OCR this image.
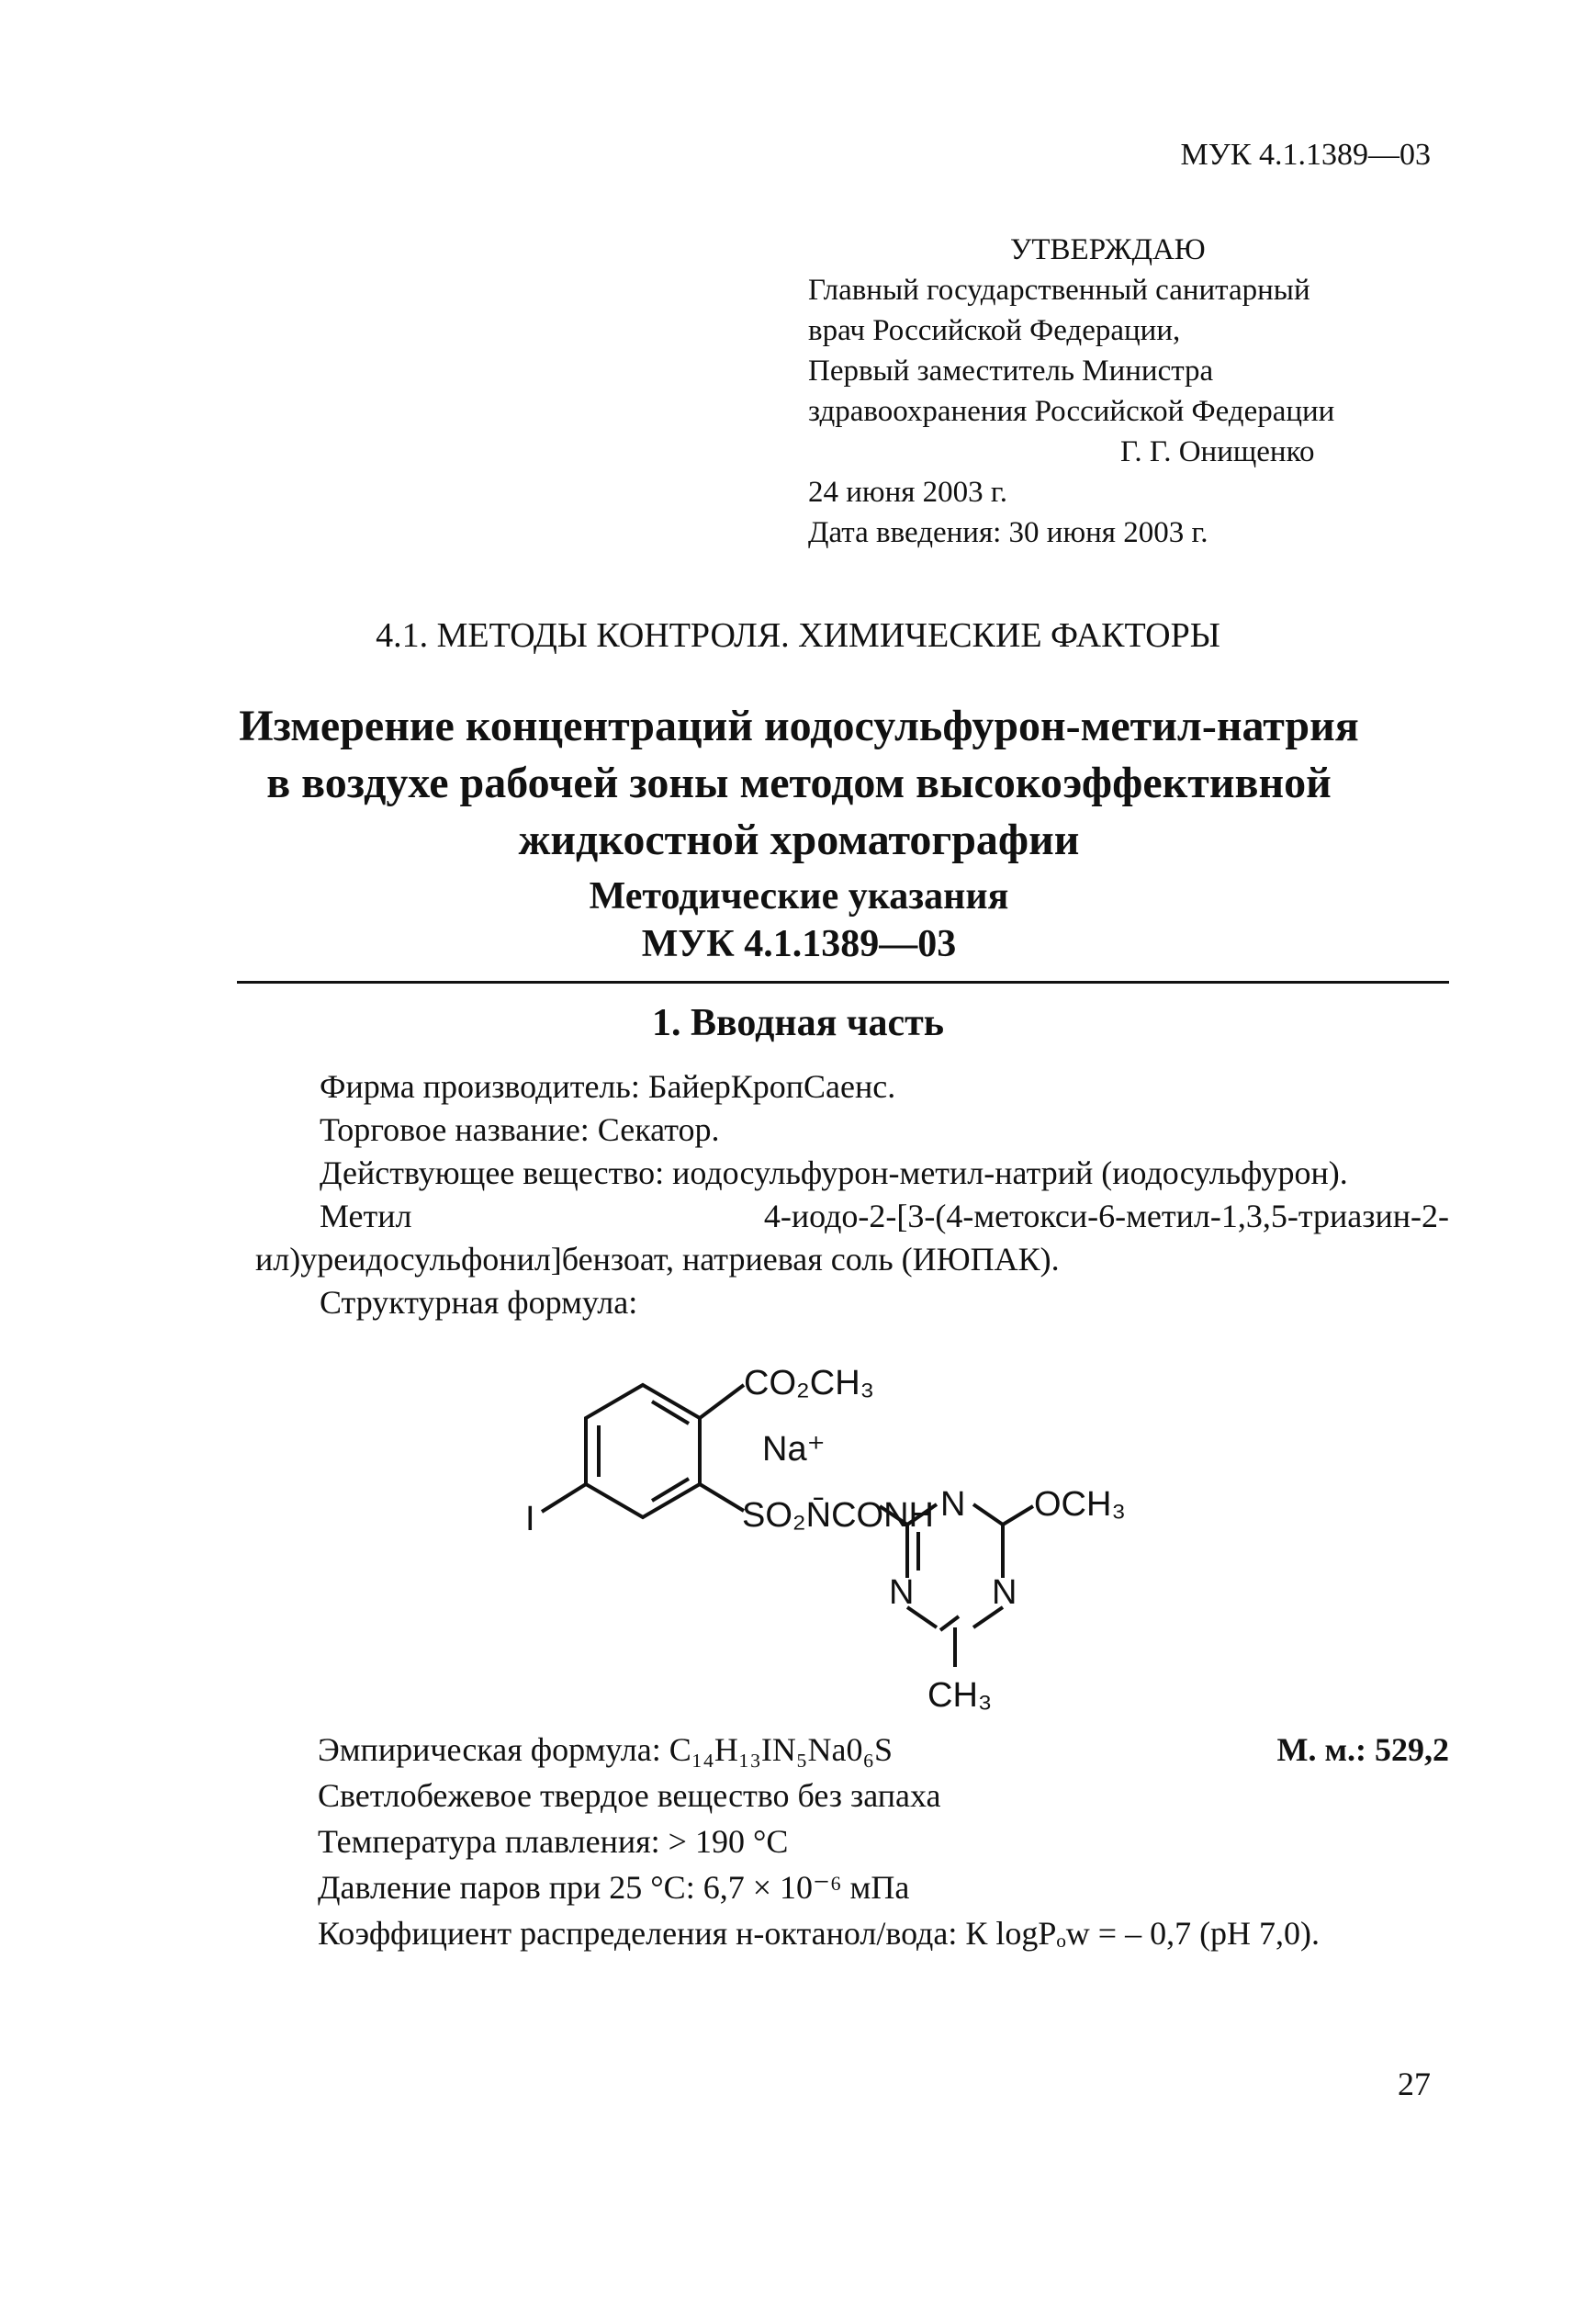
МУК 4.1.1389—03
УТВЕРЖДАЮ
Главный государственный санитарный
врач Российской Федерации,
Первый заместитель Министра
здравоохранения Российской Федерации
Г. Г. Онищенко
24 июня 2003 г.
Дата введения: 30 июня 2003 г.
4.1. МЕТОДЫ КОНТРОЛЯ. ХИМИЧЕСКИЕ ФАКТОРЫ
Измерение концентраций иодосульфурон-метил-натрия
в воздухе рабочей зоны методом высокоэффективной
жидкостной хроматографии
Методические указания
МУК 4.1.1389—03
1. Вводная часть

Фирма производитель: БайерКропСаенс.

Торговое название: Секатор.

Действующее вещество: иодосульфурон-метил-натрий (иодосульфурон).

Метил 4-иодо-2-[3-(4-метокси-6-метил-1,3,5-триазин-2-ил)уреидосульфонил]бензоат, натриевая соль (ИЮПАК).

Структурная формула:

CO₂CH₃
Na⁺
SO₂N̄CONH
I	N
N N
OCH₃
CH₃
Эмпирическая формула: C₁₄H₁₃IN₅Na0₆S	М. м.: 529,2
Светлобежевое твердое вещество без запаха
Температура плавления: > 190 °С
Давление паров при 25 °С: 6,7 × 10⁻⁶ мПа
Коэффициент распределения н-октанол/вода: К logPₒw = – 0,7 (рН 7,0).
27
